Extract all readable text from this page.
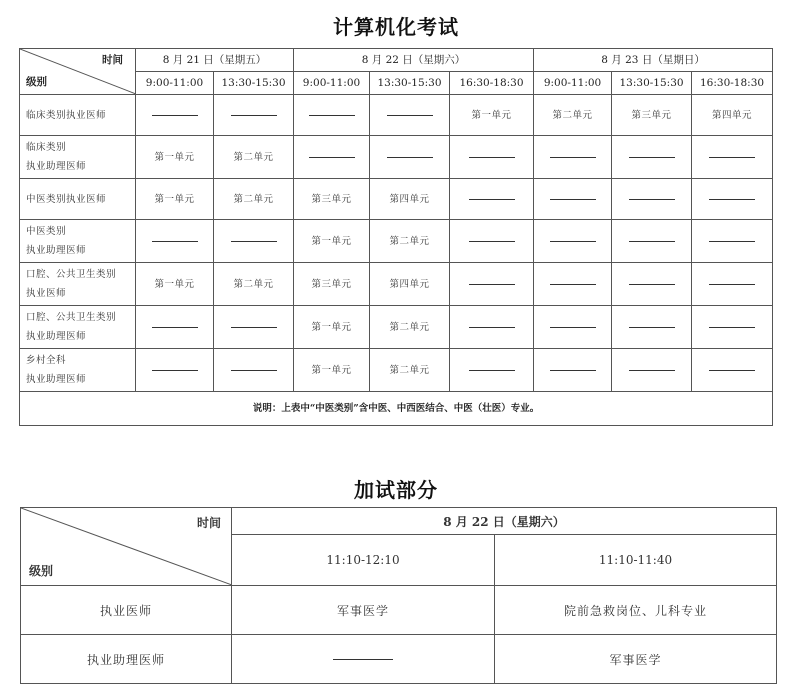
计算机化考试
时间
级别	8 月 21 日（星期五）		8 月 22 日（星期六）			8 月 23 日（星期日）		
	9:00-11:00	13:30-15:30	9:00-11:00	13:30-15:30	16:30-18:30	9:00-11:00	13:30-15:30	16:30-18:30
临床类别执业医师					第一单元	第二单元	第三单元	第四单元
临床类别
执业助理医师	第一单元	第二单元						
中医类别执业医师	第一单元	第二单元	第三单元	第四单元				
中医类别
执业助理医师			第一单元	第二单元				
口腔、公共卫生类别
执业医师	第一单元	第二单元	第三单元	第四单元				
口腔、公共卫生类别
执业助理医师			第一单元	第二单元				
乡村全科
执业助理医师			第一单元	第二单元				
说明：上表中“中医类别”含中医、中西医结合、中医（壮医）专业。								
加试部分
时间
级别	8 月 22 日（星期六）	
	11:10-12:10	11:10-11:40
执业医师	军事医学	院前急救岗位、儿科专业
执业助理医师		军事医学
